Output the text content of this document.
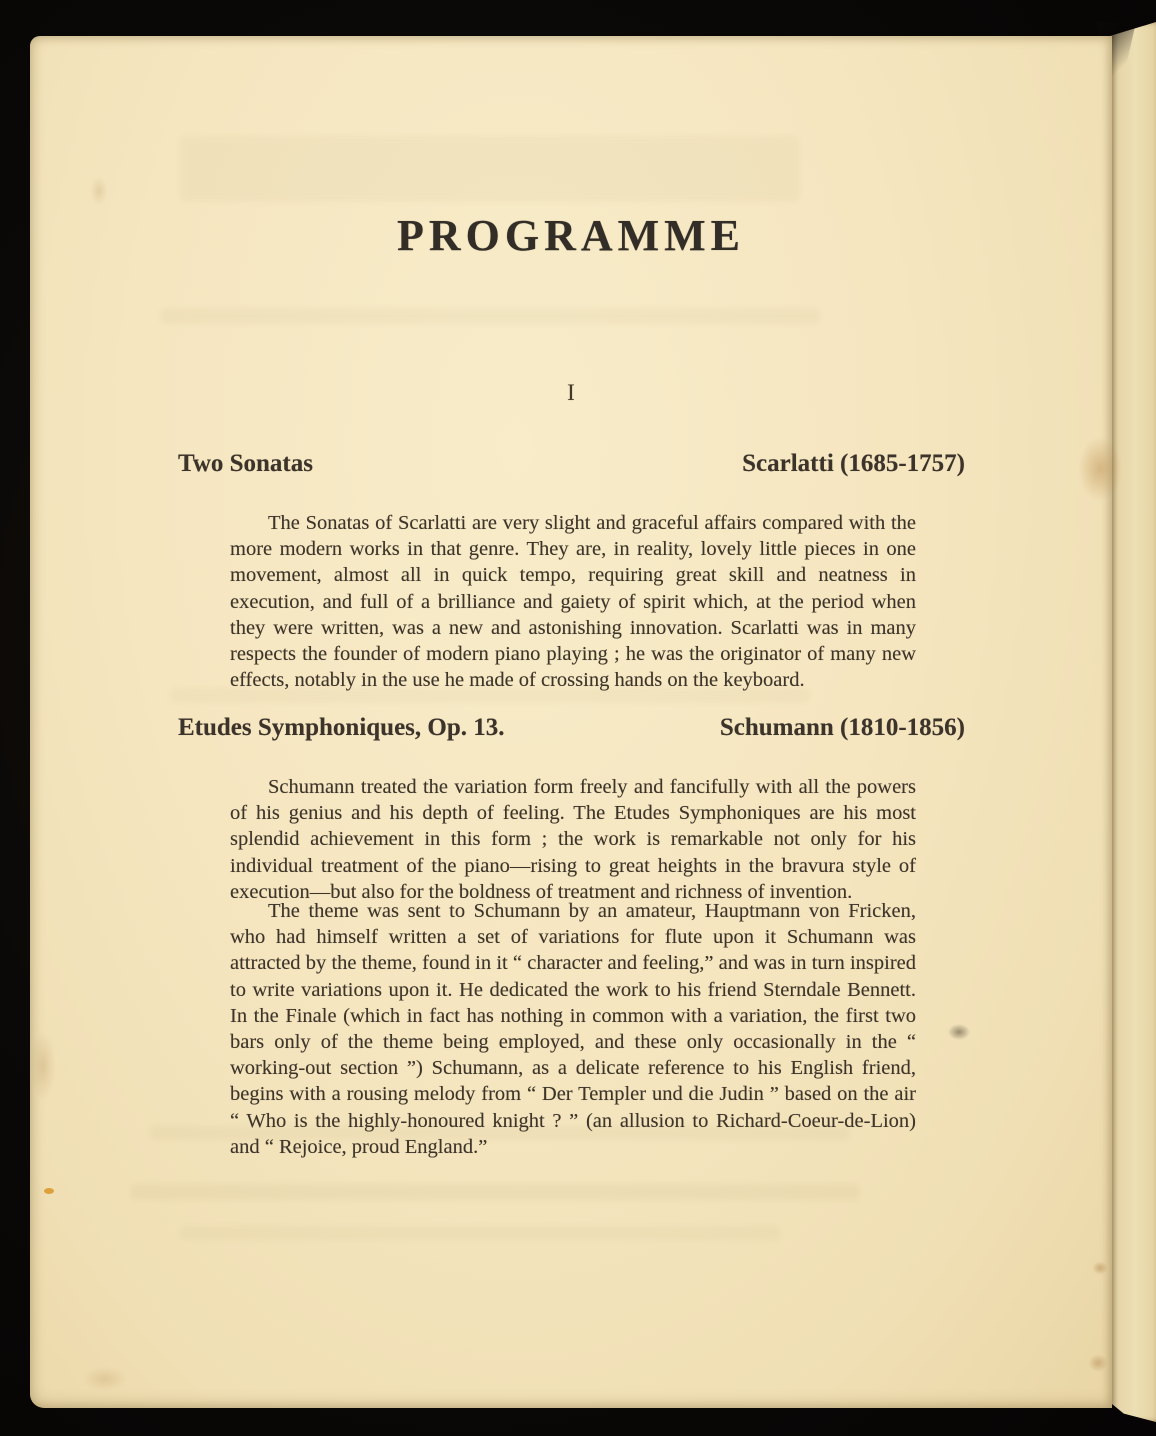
PROGRAMME
I
Two Sonatas	Scarlatti (1685-1757)

The Sonatas of Scarlatti are very slight and graceful affairs compared with the more modern works in that genre. They are, in reality, lovely little pieces in one movement, almost all in quick tempo, requiring great skill and neatness in execution, and full of a brilliance and gaiety of spirit which, at the period when they were written, was a new and astonishing innovation. Scarlatti was in many respects the founder of modern piano playing ; he was the originator of many new effects, notably in the use he made of crossing hands on the keyboard.

Etudes Symphoniques, Op. 13.	Schumann (1810-1856)

Schumann treated the variation form freely and fancifully with all the powers of his genius and his depth of feeling. The Etudes Symphoniques are his most splendid achievement in this form ; the work is remarkable not only for his individual treatment of the piano—rising to great heights in the bravura style of execution—but also for the boldness of treatment and richness of invention.

The theme was sent to Schumann by an amateur, Hauptmann von Fricken, who had himself written a set of variations for flute upon it Schumann was attracted by the theme, found in it “ character and feeling,” and was in turn inspired to write variations upon it. He dedicated the work to his friend Sterndale Bennett. In the Finale (which in fact has nothing in common with a variation, the first two bars only of the theme being employed, and these only occasionally in the “ working-out section ”) Schumann, as a delicate reference to his English friend, begins with a rousing melody from “ Der Templer und die Judin ” based on the air “ Who is the highly-honoured knight ? ” (an allusion to Richard-Coeur-de-Lion) and “ Rejoice, proud England.”
